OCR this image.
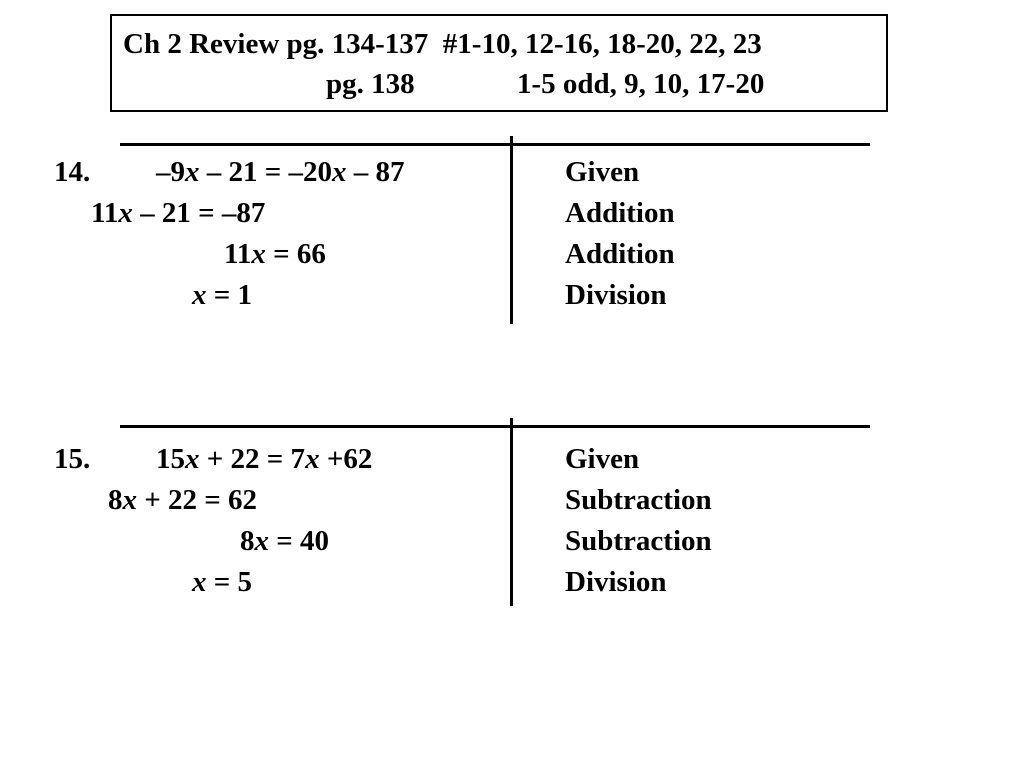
Ch 2 Review pg. 134-137  #1-10, 12-16, 18-20, 22, 23
pg. 138	1-5 odd, 9, 10, 17-20
14. –9x – 21 = –20x – 87	Given
11x – 21 = –87	Addition
11x = 66	Addition
x = 1	Division
15. 15x + 22 = 7x +62	Given
8x + 22 = 62	Subtraction
8x = 40	Subtraction
x = 5	Division
